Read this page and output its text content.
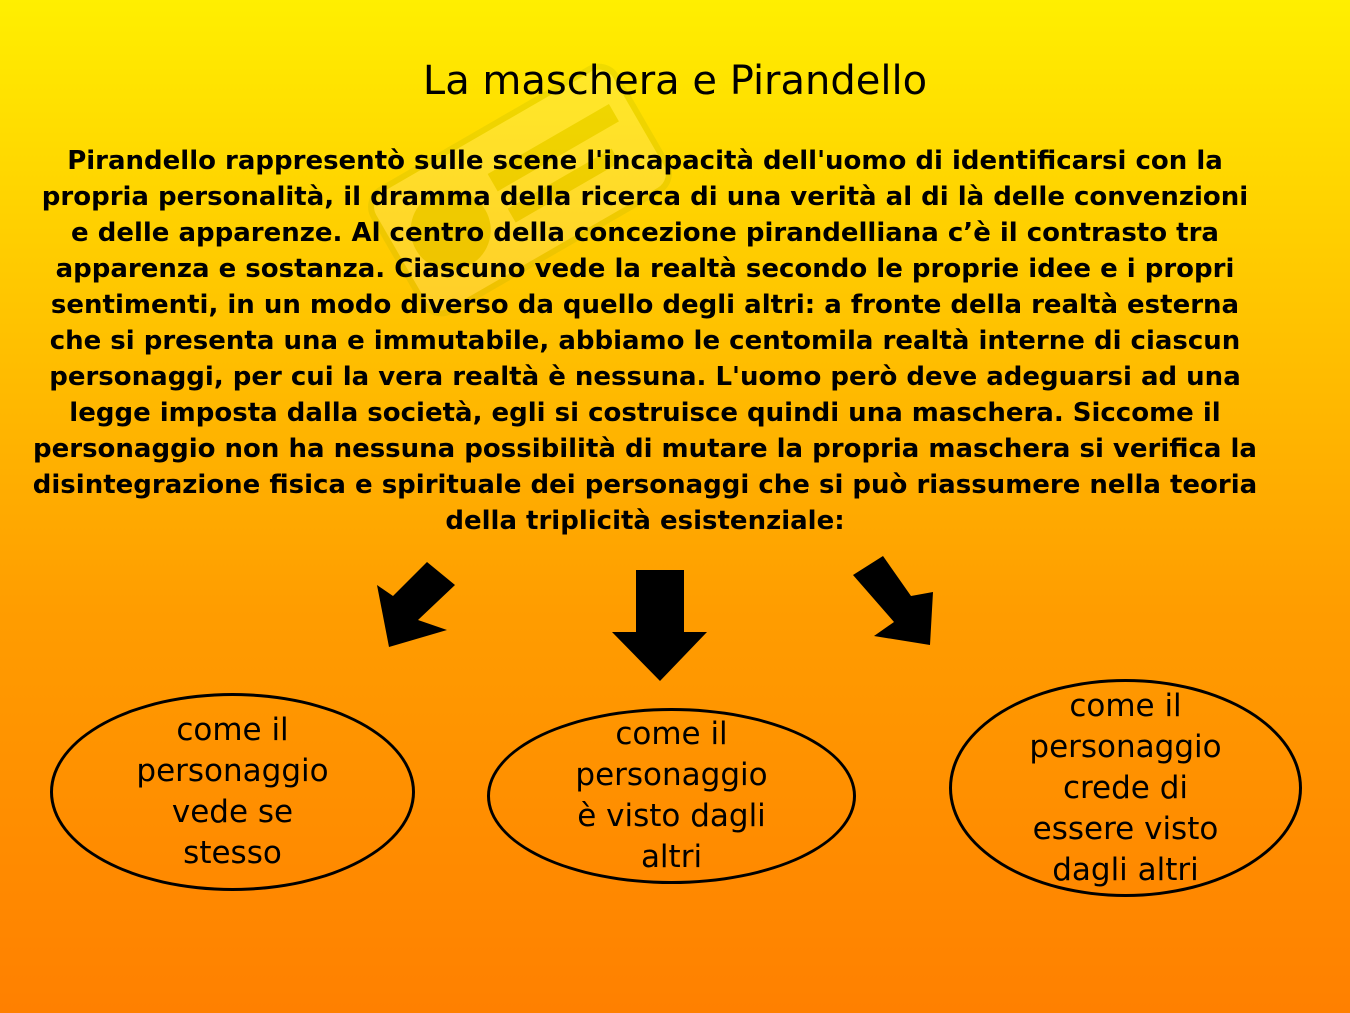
La maschera e Pirandello
Pirandello rappresentò sulle scene l'incapacità dell'uomo di identificarsi con la propria personalità, il dramma della ricerca di una verità al di là delle convenzioni e delle apparenze. Al centro della concezione pirandelliana c’è il contrasto tra apparenza e sostanza. Ciascuno vede la realtà secondo le proprie idee e i propri sentimenti, in un modo diverso da quello degli altri: a fronte della realtà esterna che si presenta una e immutabile, abbiamo le centomila realtà interne di ciascun personaggi, per cui la vera realtà è nessuna. L'uomo però deve adeguarsi ad una legge imposta dalla società, egli si costruisce quindi una maschera. Siccome il personaggio non ha nessuna possibilità di mutare la propria maschera si verifica la disintegrazione fisica e spirituale dei personaggi che si può riassumere nella teoria della triplicità esistenziale:
come il personaggio vede se stesso
come il personaggio è visto dagli altri
come il personaggio crede di essere visto dagli altri
